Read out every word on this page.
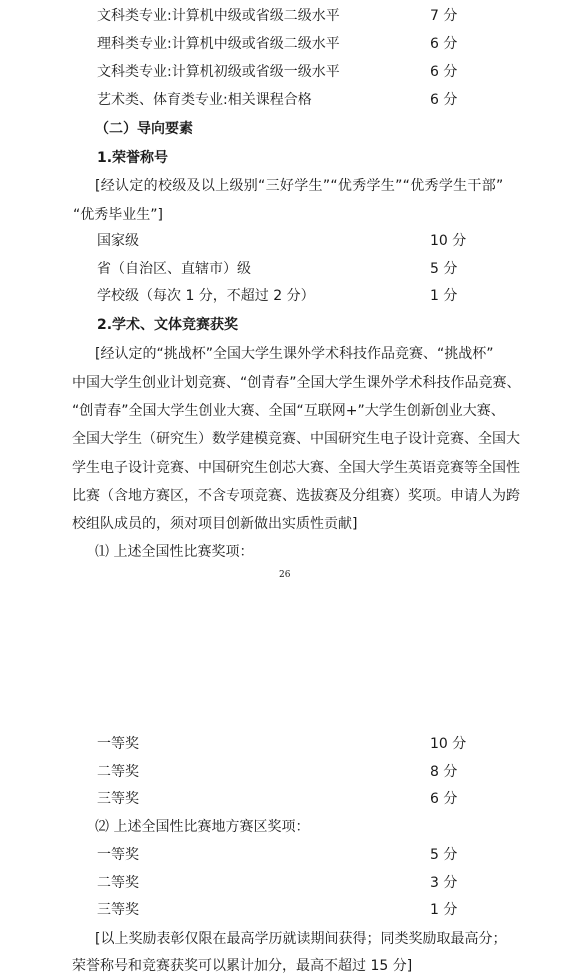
文科类专业:计算机中级或省级二级水平	7 分
理科类专业:计算机中级或省级二级水平	6 分
文科类专业:计算机初级或省级一级水平	6 分
艺术类、体育类专业:相关课程合格	6 分
（二）导向要素
1.荣誉称号
[经认定的校级及以上级别“三好学生”“优秀学生”“优秀学生干部”
“优秀毕业生”]
国家级	10 分
省（自治区、直辖市）级	5 分
学校级（每次 1 分，不超过 2 分）	1 分
2.学术、文体竞赛获奖
[经认定的“挑战杯”全国大学生课外学术科技作品竞赛、“挑战杯”
中国大学生创业计划竞赛、“创青春”全国大学生课外学术科技作品竞赛、
“创青春”全国大学生创业大赛、全国“互联网+”大学生创新创业大赛、
全国大学生（研究生）数学建模竞赛、中国研究生电子设计竞赛、全国大
学生电子设计竞赛、中国研究生创芯大赛、全国大学生英语竞赛等全国性
比赛（含地方赛区，不含专项竞赛、选拔赛及分组赛）奖项。申请人为跨
校组队成员的，须对项目创新做出实质性贡献]
⑴ 上述全国性比赛奖项：
26
一等奖	10 分
二等奖	8 分
三等奖	6 分
⑵ 上述全国性比赛地方赛区奖项：
一等奖	5 分
二等奖	3 分
三等奖	1 分
[以上奖励表彰仅限在最高学历就读期间获得；同类奖励取最高分；
荣誉称号和竞赛获奖可以累计加分，最高不超过 15 分]
